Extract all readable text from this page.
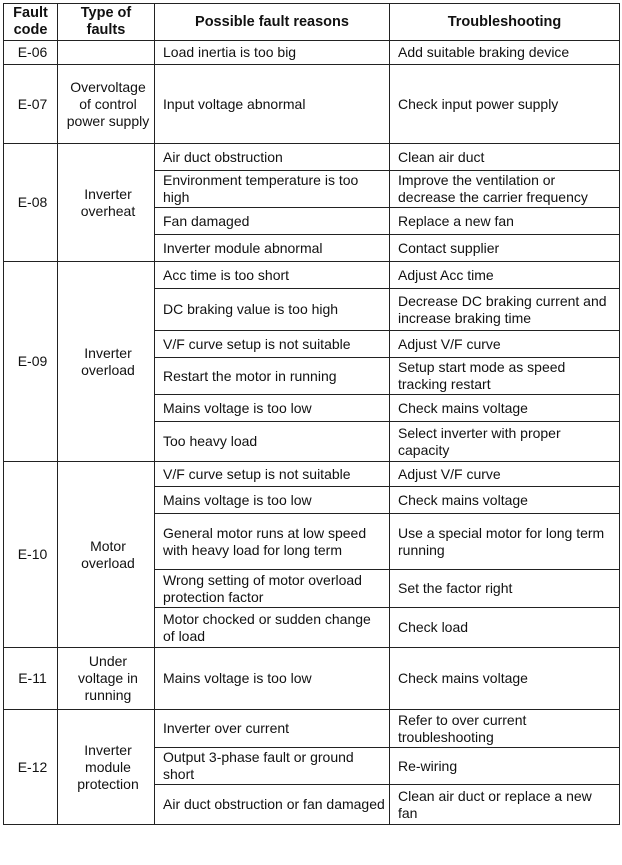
Fault code	Type of faults	Possible fault reasons	Troubleshooting
E-06		Load inertia is too big	Add suitable braking device
E-07	Overvoltage of control power supply	Input voltage abnormal	Check input power supply
E-08	Inverter overheat	Air duct obstruction	Clean air duct
		Environment temperature is too high	Improve the ventilation or decrease the carrier frequency
		Fan damaged	Replace a new fan
		Inverter module abnormal	Contact supplier
E-09	Inverter overload	Acc time is too short	Adjust Acc time
		DC braking value is too high	Decrease DC braking current and increase braking time
		V/F curve setup is not suitable	Adjust V/F curve
		Restart the motor in running	Setup start mode as speed tracking restart
		Mains voltage is too low	Check mains voltage
		Too heavy load	Select inverter with proper capacity
E-10	Motor overload	V/F curve setup is not suitable	Adjust V/F curve
		Mains voltage is too low	Check mains voltage
		General motor runs at low speed with heavy load for long term	Use a special motor for long term running
		Wrong setting of motor overload protection factor	Set the factor right
		Motor chocked or sudden change of load	Check load
E-11	Under voltage in running	Mains voltage is too low	Check mains voltage
E-12	Inverter module protection	Inverter over current	Refer to over current troubleshooting
		Output 3-phase fault or ground short	Re-wiring
		Air duct obstruction or fan damaged	Clean air duct or replace a new fan
